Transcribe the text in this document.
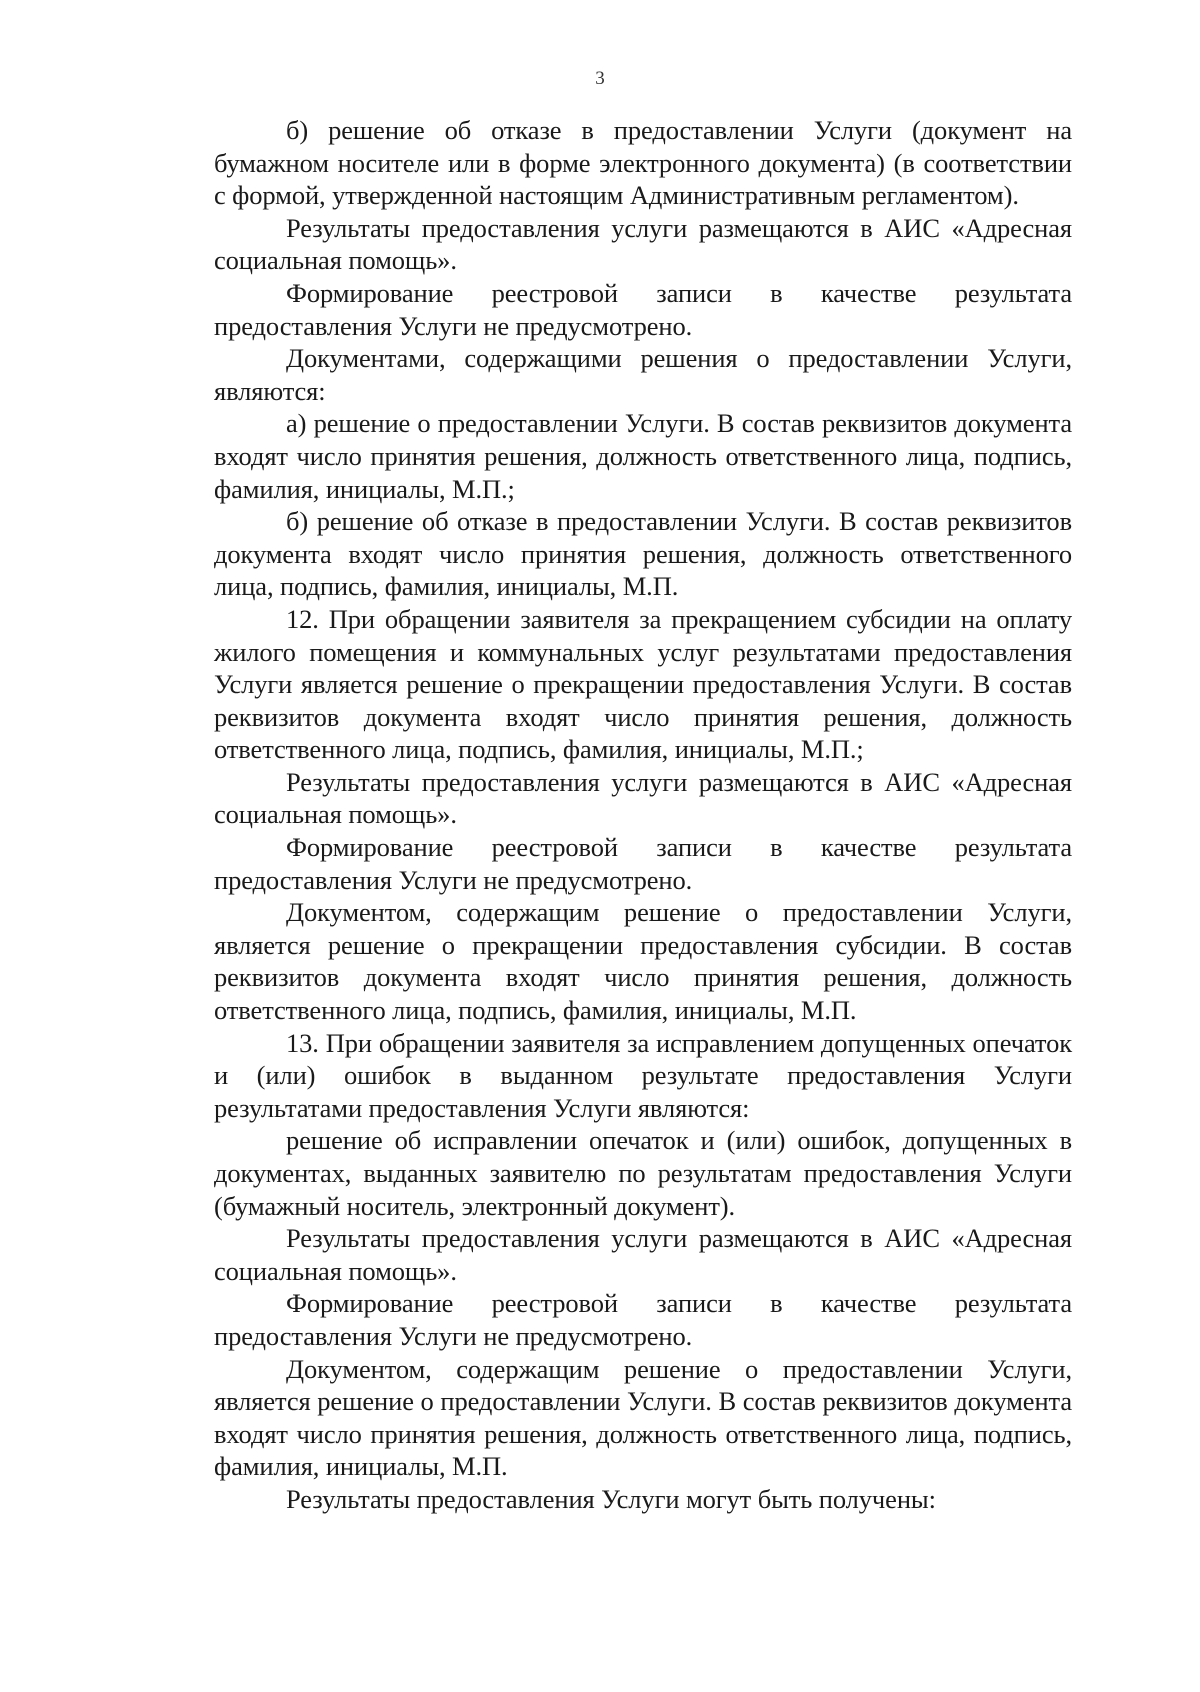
3

б) решение об отказе в предоставлении Услуги (документ на бумажном носителе или в форме электронного документа) (в соответствии с формой, утвержденной настоящим Административным регламентом).

Результаты предоставления услуги размещаются в АИС «Адресная социальная помощь».

Формирование реестровой записи в качестве результата предоставления Услуги не предусмотрено.

Документами, содержащими решения о предоставлении Услуги, являются:

а) решение о предоставлении Услуги. В состав реквизитов документа входят число принятия решения, должность ответственного лица, подпись, фамилия, инициалы, М.П.;

б) решение об отказе в предоставлении Услуги. В состав реквизитов документа входят число принятия решения, должность ответственного лица, подпись, фамилия, инициалы, М.П.

12. При обращении заявителя за прекращением субсидии на оплату жилого помещения и коммунальных услуг результатами предоставления Услуги является решение о прекращении предоставления Услуги. В состав реквизитов документа входят число принятия решения, должность ответственного лица, подпись, фамилия, инициалы, М.П.;

Результаты предоставления услуги размещаются в АИС «Адресная социальная помощь».

Формирование реестровой записи в качестве результата предоставления Услуги не предусмотрено.

Документом, содержащим решение о предоставлении Услуги, является решение о прекращении предоставления субсидии. В состав реквизитов документа входят число принятия решения, должность ответственного лица, подпись, фамилия, инициалы, М.П.

13. При обращении заявителя за исправлением допущенных опечаток и (или) ошибок в выданном результате предоставления Услуги результатами предоставления Услуги являются:

решение об исправлении опечаток и (или) ошибок, допущенных в документах, выданных заявителю по результатам предоставления Услуги (бумажный носитель, электронный документ).

Результаты предоставления услуги размещаются в АИС «Адресная социальная помощь».

Формирование реестровой записи в качестве результата предоставления Услуги не предусмотрено.

Документом, содержащим решение о предоставлении Услуги, является решение о предоставлении Услуги. В состав реквизитов документа входят число принятия решения, должность ответственного лица, подпись, фамилия, инициалы, М.П.

Результаты предоставления Услуги могут быть получены:
